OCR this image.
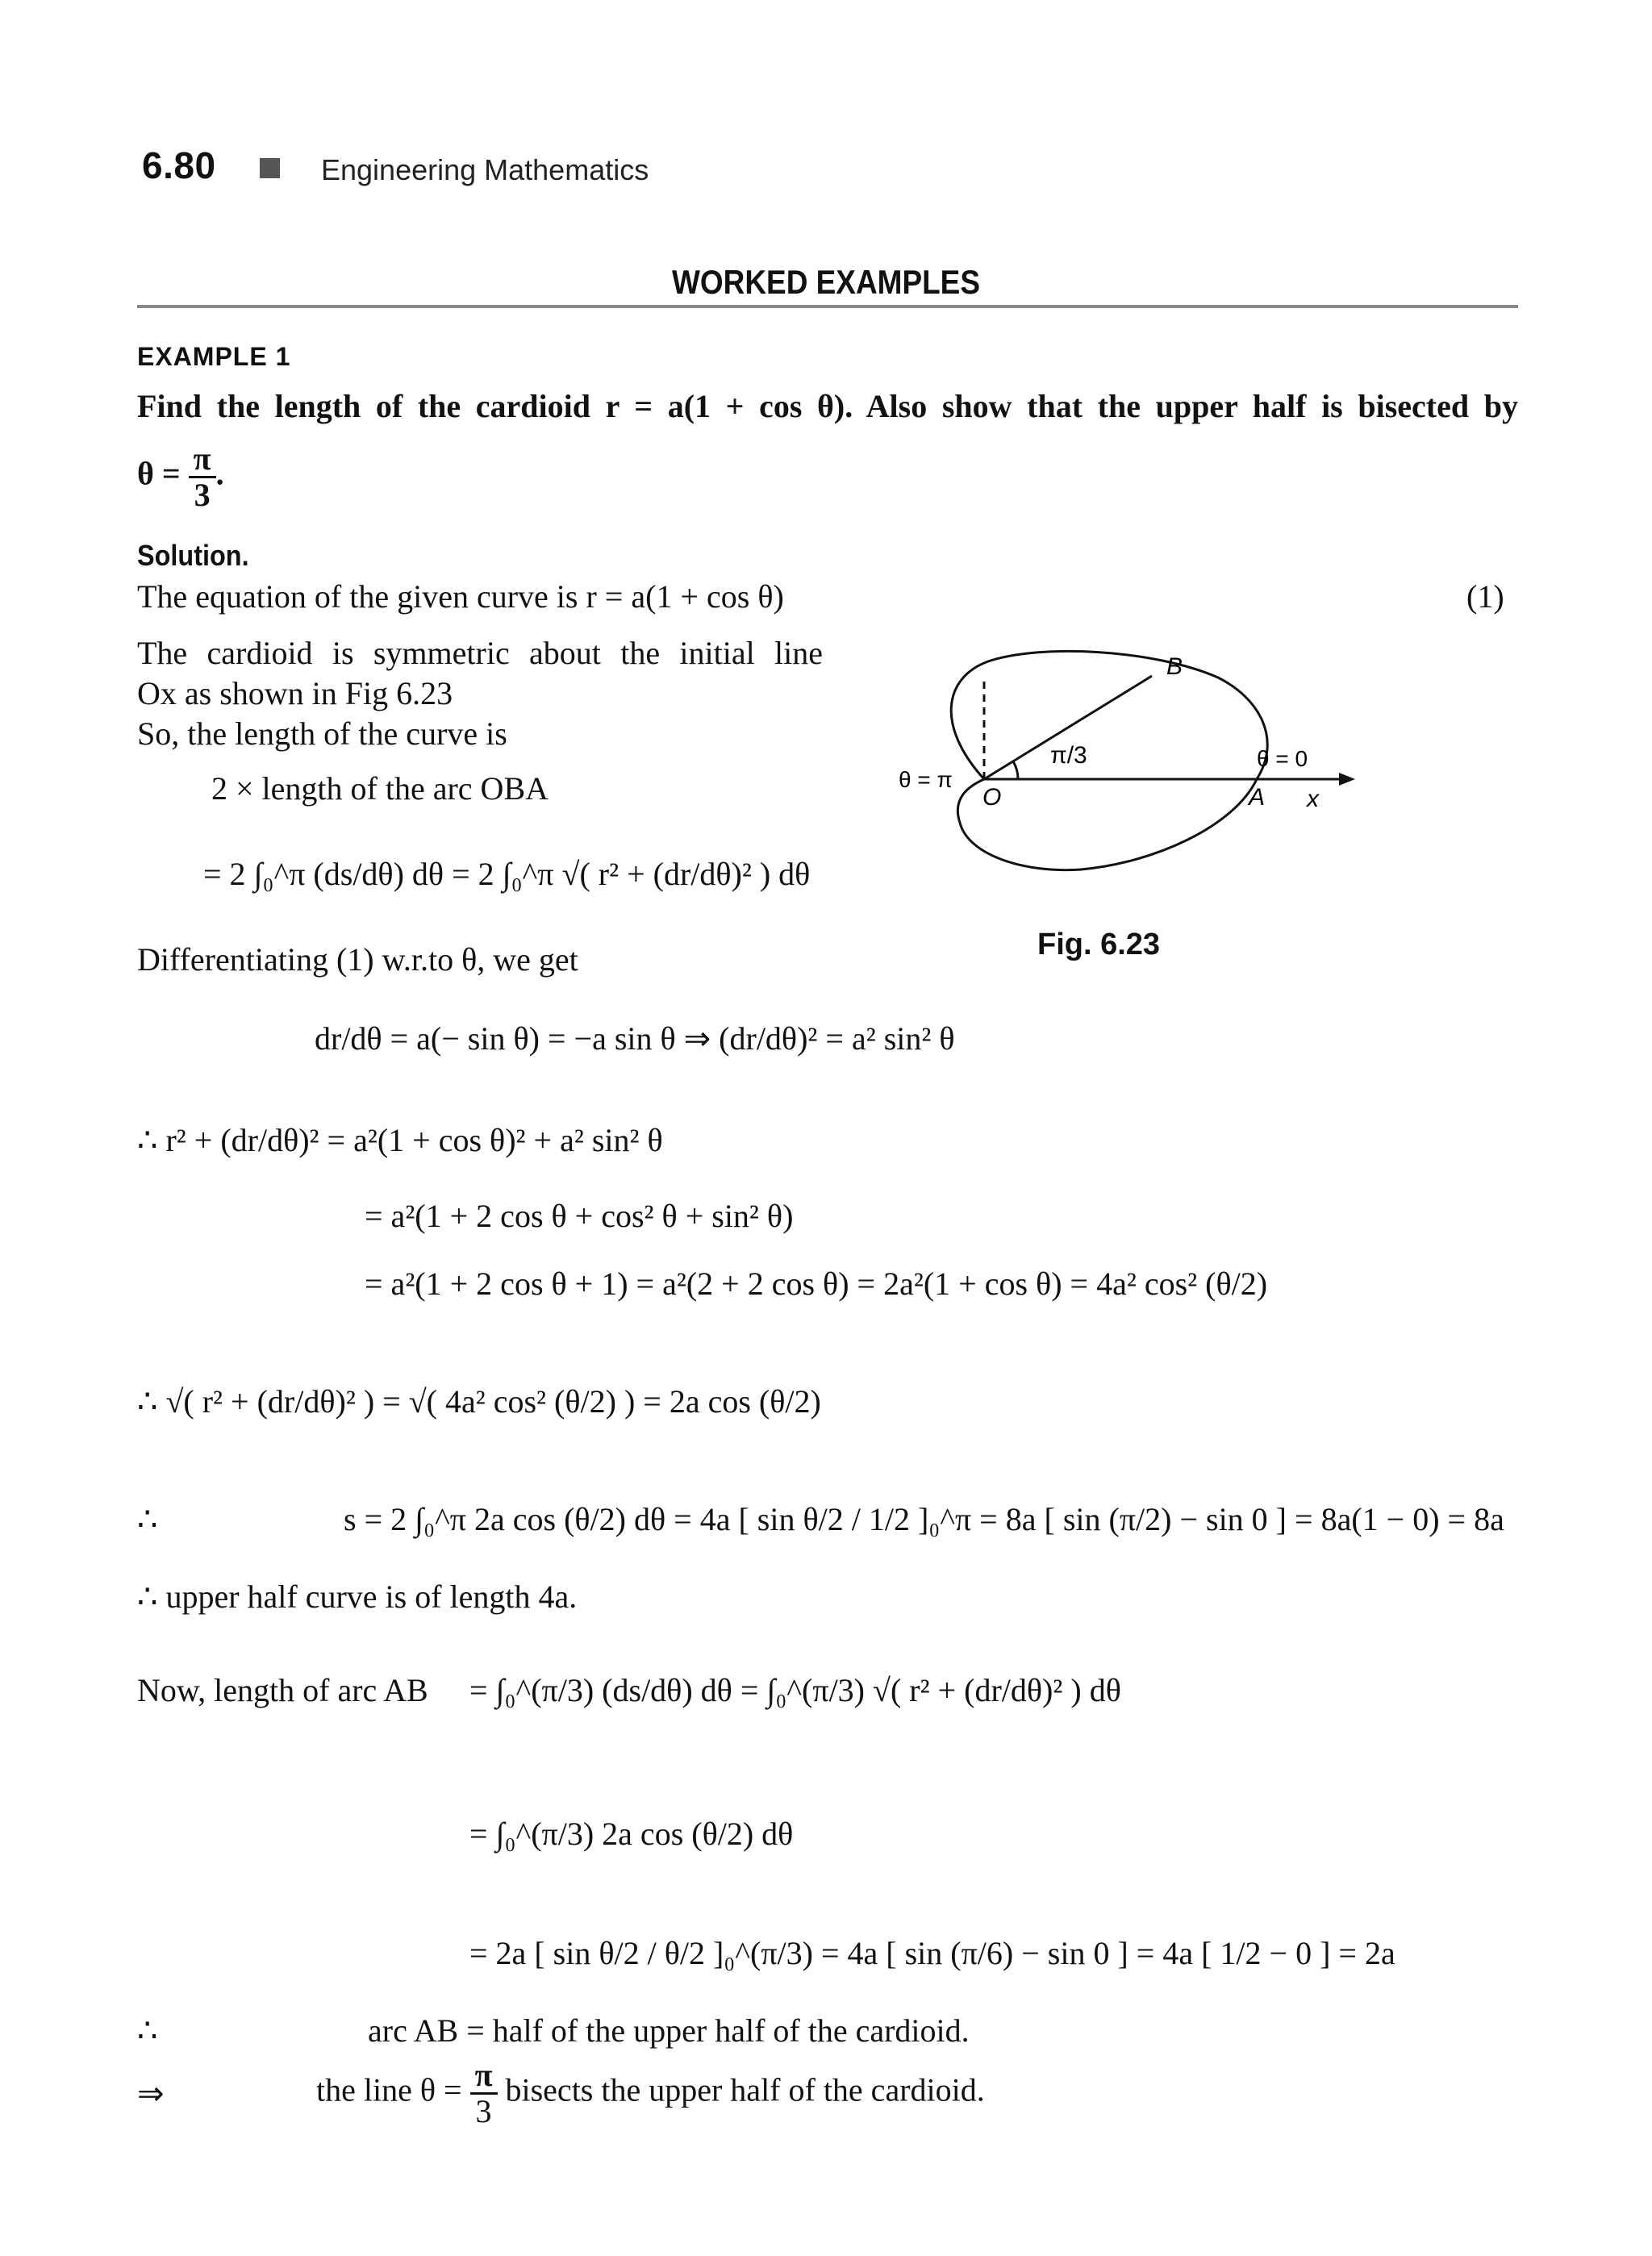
6.80	Engineering Mathematics
WORKED EXAMPLES
EXAMPLE 1
Find the length of the cardioid r = a(1 + cos θ). Also show that the upper half is bisected by
$\theta = \frac{\pi}{3}$ .
Solution.
The equation of the given curve is r = a(1 + cos θ)	(1)
The cardioid is symmetric about the initial line
Ox as shown in Fig 6.23
So, the length of the curve is
2 × length of the arc OBA
= 2 ∫₀^π (ds/dθ) dθ = 2 ∫₀^π √( r² + (dr/dθ)² ) dθ
Differentiating (1) w.r.to θ, we get
dr/dθ = a(− sin θ) = −a sin θ ⇒ (dr/dθ)² = a² sin² θ
∴ r² + (dr/dθ)² = a²(1 + cos θ)² + a² sin² θ
= a²(1 + 2 cos θ + cos² θ + sin² θ)
= a²(1 + 2 cos θ + 1) = a²(2 + 2 cos θ) = 2a²(1 + cos θ) = 4a² cos² (θ/2)
∴ √( r² + (dr/dθ)² ) = √( 4a² cos² (θ/2) ) = 2a cos (θ/2)
∴	s = 2 ∫₀^π 2a cos (θ/2) dθ = 4a [ sin θ/2 / 1/2 ]₀^π = 8a [ sin (π/2) − sin 0 ] = 8a(1 − 0) = 8a
∴ upper half curve is of length 4a.
Now, length of arc AB = ∫₀^(π/3) (ds/dθ) dθ = ∫₀^(π/3) √( r² + (dr/dθ)² ) dθ
= ∫₀^(π/3) 2a cos (θ/2) dθ
= 2a [ sin θ/2 / θ/2 ]₀^(π/3) = 4a [ sin (π/6) − sin 0 ] = 4a [ 1/2 − 0 ] = 2a
∴	arc AB = half of the upper half of the cardioid.
⇒	the line $\theta = \frac{\pi}{3}$ bisects the upper half of the cardioid.
B
O	A x
π/3
θ = π
θ = 0
Fig. 6.23
